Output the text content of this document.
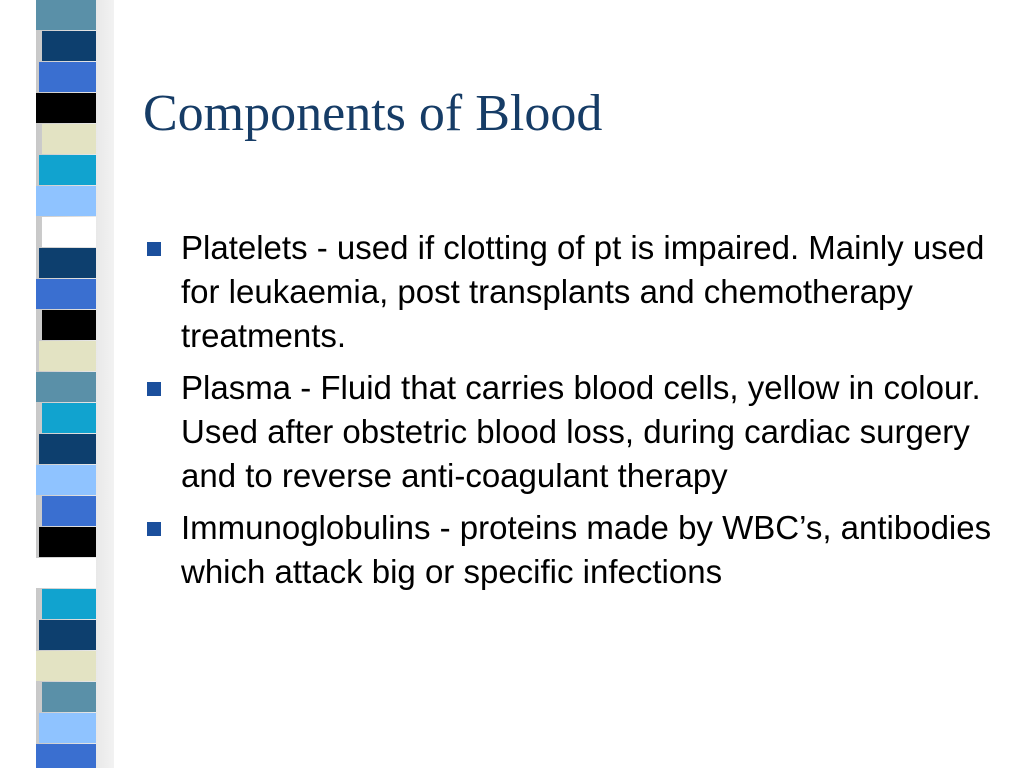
Components of Blood
Platelets - used if clotting of pt is impaired. Mainly used for leukaemia, post transplants and chemotherapy treatments.
Plasma - Fluid that carries blood cells, yellow in colour. Used after obstetric blood loss, during cardiac surgery and to reverse anti-coagulant therapy
Immunoglobulins - proteins made by WBC’s, antibodies which attack big or specific infections
